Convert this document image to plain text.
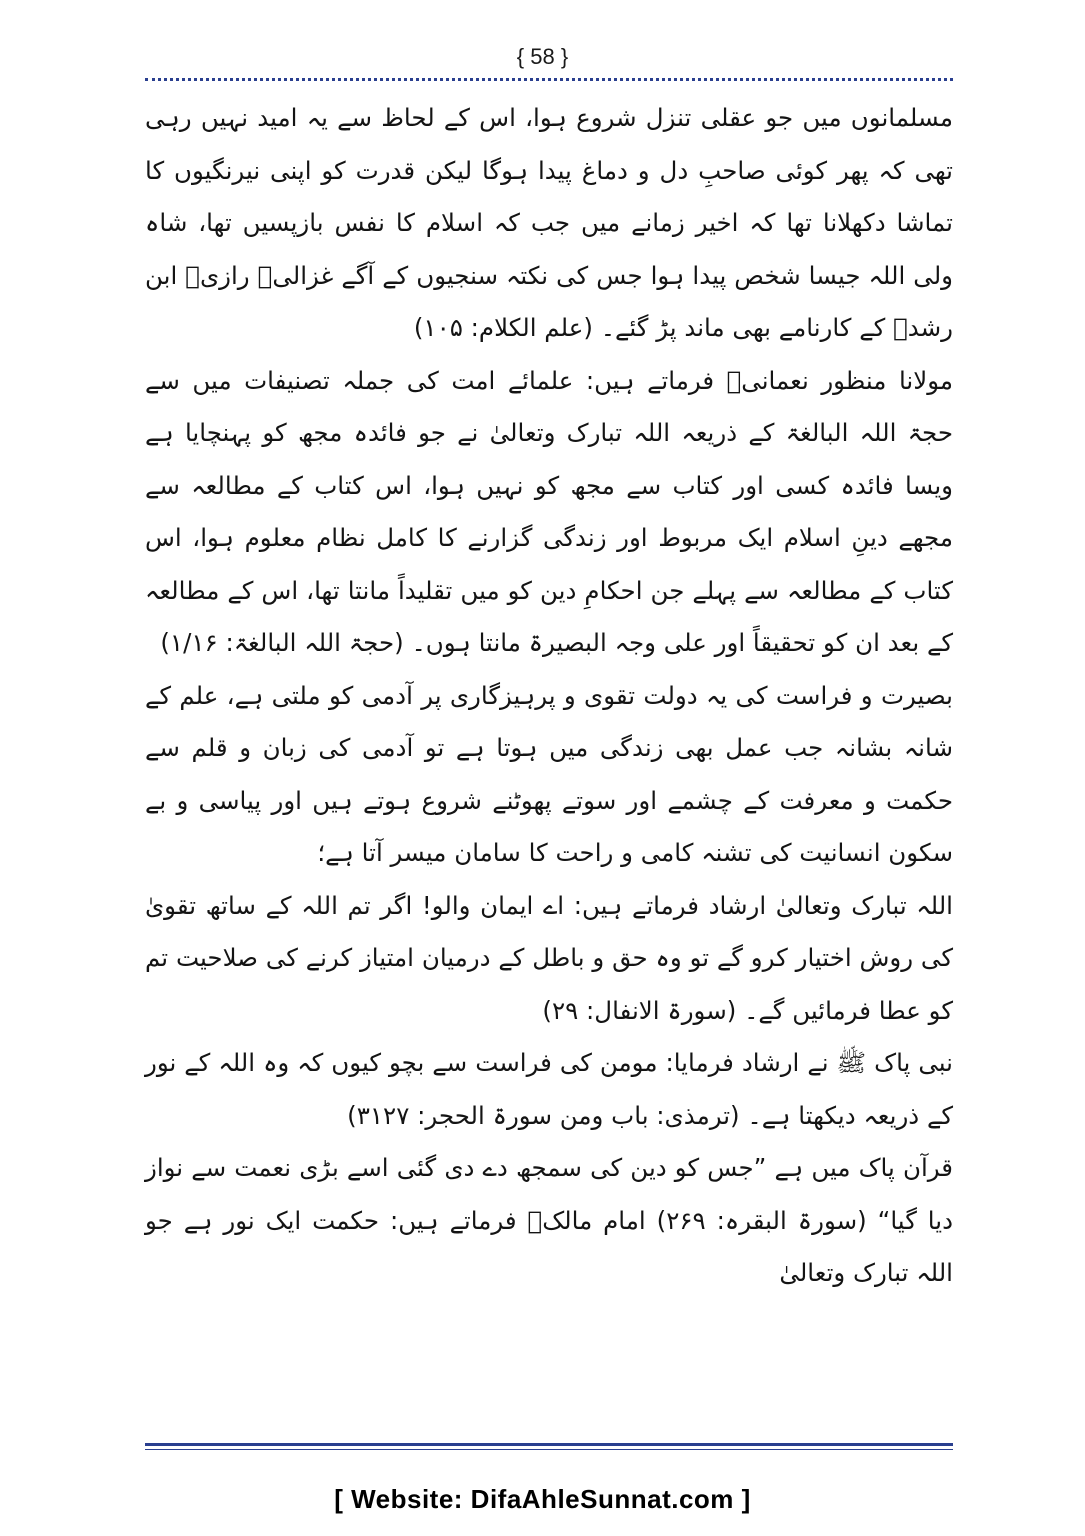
{ 58 }

مسلمانوں میں جو عقلی تنزل شروع ہوا، اس کے لحاظ سے یہ امید نہیں رہی تھی کہ پھر کوئی صاحبِ دل و دماغ پیدا ہوگا لیکن قدرت کو اپنی نیرنگیوں کا تماشا دکھلانا تھا کہ اخیر زمانے میں جب کہ اسلام کا نفس بازپسیں تھا، شاہ ولی اللہ جیسا شخص پیدا ہوا جس کی نکتہ سنجیوں کے آگے غزالیؒ رازیؒ ابن رشدؒ کے کارنامے بھی ماند پڑ گئے۔ (علم الکلام: ۱۰۵)

مولانا منظور نعمانیؒ فرماتے ہیں: علمائے امت کی جملہ تصنیفات میں سے حجۃ اللہ البالغۃ کے ذریعہ اللہ تبارک وتعالیٰ نے جو فائدہ مجھ کو پہنچایا ہے ویسا فائدہ کسی اور کتاب سے مجھ کو نہیں ہوا، اس کتاب کے مطالعہ سے مجھے دینِ اسلام ایک مربوط اور زندگی گزارنے کا کامل نظام معلوم ہوا، اس کتاب کے مطالعہ سے پہلے جن احکامِ دین کو میں تقلیداً مانتا تھا، اس کے مطالعہ کے بعد ان کو تحقیقاً اور علی وجہ البصیرۃ مانتا ہوں۔ (حجۃ اللہ البالغۃ: ۱/۱۶)

بصیرت و فراست کی یہ دولت تقوی و پرہیزگاری پر آدمی کو ملتی ہے، علم کے شانہ بشانہ جب عمل بھی زندگی میں ہوتا ہے تو آدمی کی زبان و قلم سے حکمت و معرفت کے چشمے اور سوتے پھوٹنے شروع ہوتے ہیں اور پیاسی و بے سکون انسانیت کی تشنہ کامی و راحت کا سامان میسر آتا ہے؛

اللہ تبارک وتعالیٰ ارشاد فرماتے ہیں: اے ایمان والو! اگر تم اللہ کے ساتھ تقویٰ کی روش اختیار کرو گے تو وہ حق و باطل کے درمیان امتیاز کرنے کی صلاحیت تم کو عطا فرمائیں گے۔ (سورۃ الانفال: ۲۹)

نبی پاک ﷺ نے ارشاد فرمایا: مومن کی فراست سے بچو کیوں کہ وہ اللہ کے نور کے ذریعہ دیکھتا ہے۔ (ترمذی: باب ومن سورۃ الحجر: ۳۱۲۷)

قرآن پاک میں ہے ”جس کو دین کی سمجھ دے دی گئی اسے بڑی نعمت سے نواز دیا گیا“ (سورۃ البقرہ: ۲۶۹) امام مالکؒ فرماتے ہیں: حکمت ایک نور ہے جو اللہ تبارک وتعالیٰ

[ Website: DifaAhleSunnat.com ]
